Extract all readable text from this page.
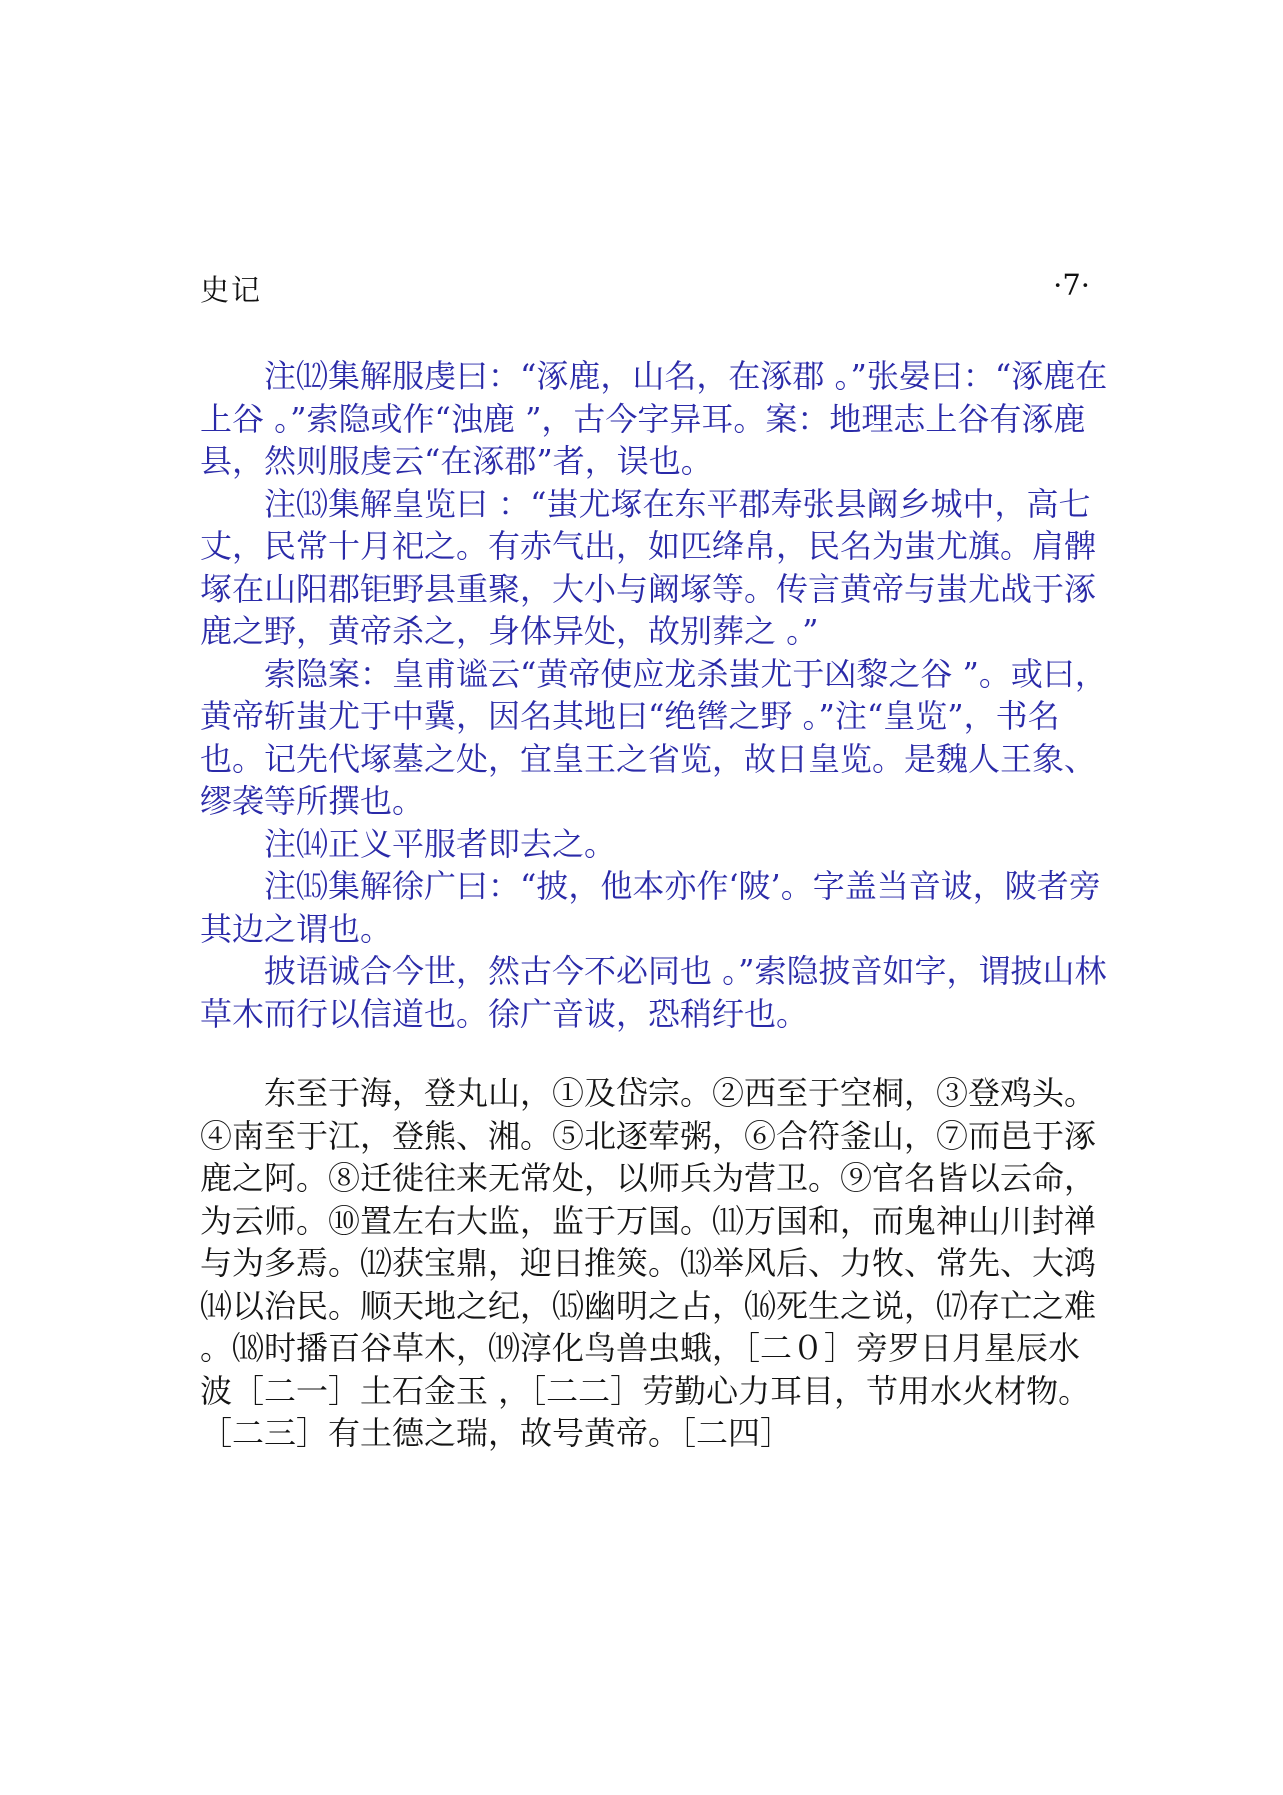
史记	·7·

注⑿集解服虔曰：“涿鹿，山名，在涿郡 。”张晏曰：“涿鹿在上谷 。”索隐或作“浊鹿 ”，古今字异耳。案：地理志上谷有涿鹿县，然则服虔云“在涿郡”者，误也。

注⒀集解皇览曰 ：“蚩尤塚在东平郡寿张县阚乡城中，高七丈，民常十月祀之。有赤气出，如匹绛帛，民名为蚩尤旗。肩髀塚在山阳郡钜野县重聚，大小与阚塚等。传言黄帝与蚩尤战于涿鹿之野，黄帝杀之，身体异处，故别葬之 。”

索隐案：皇甫谧云“黄帝使应龙杀蚩尤于凶黎之谷 ”。或曰，黄帝斩蚩尤于中冀，因名其地曰“绝辔之野 。”注“皇览”，书名也。记先代塚墓之处，宜皇王之省览，故日皇览。是魏人王象、缪袭等所撰也。

注⒁正义平服者即去之。

注⒂集解徐广曰：“披，他本亦作‘陂’。字盖当音诐，陂者旁其边之谓也。

披语诚合今世，然古今不必同也 。”索隐披音如字，谓披山林草木而行以信道也。徐广音诐，恐稍纡也。

东至于海，登丸山，①及岱宗。②西至于空桐，③登鸡头。④南至于江，登熊、湘。⑤北逐荤粥，⑥合符釜山，⑦而邑于涿鹿之阿。⑧迁徙往来无常处，以师兵为营卫。⑨官名皆以云命，为云师。⑩置左右大监，监于万国。⑾万国和，而鬼神山川封禅与为多焉。⑿获宝鼎，迎日推筴。⒀举风后、力牧、常先、大鸿⒁以治民。顺天地之纪，⒂幽明之占，⒃死生之说，⒄存亡之难 。⒅时播百谷草木，⒆淳化鸟兽虫蛾，［二０］旁罗日月星辰水波［二一］土石金玉 ，［二二］劳勤心力耳目，节用水火材物。［二三］有土德之瑞，故号黄帝。［二四］
